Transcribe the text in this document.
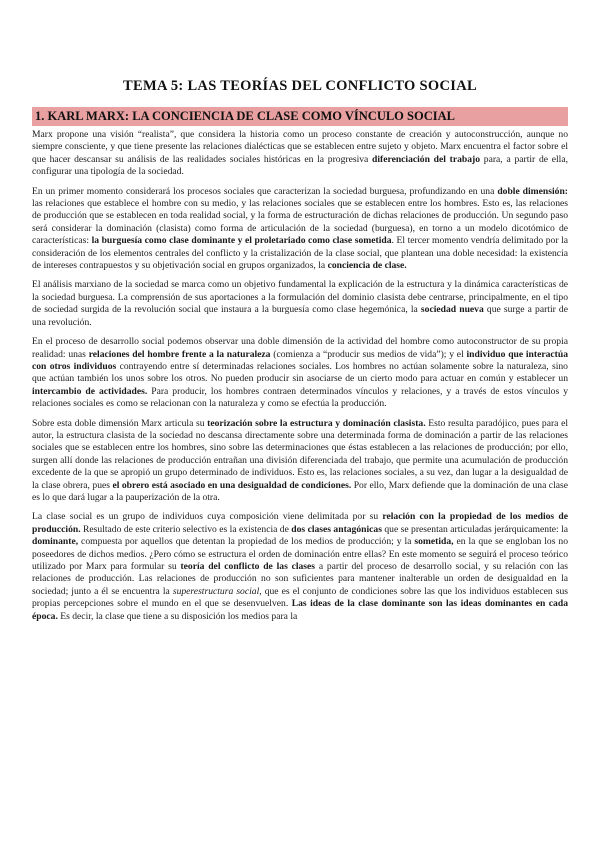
TEMA 5: LAS TEORÍAS DEL CONFLICTO SOCIAL
1. KARL MARX: LA CONCIENCIA DE CLASE COMO VÍNCULO SOCIAL

Marx propone una visión “realista”, que considera la historia como un proceso constante de creación y autoconstrucción, aunque no siempre consciente, y que tiene presente las relaciones dialécticas que se establecen entre sujeto y objeto. Marx encuentra el factor sobre el que hacer descansar su análisis de las realidades sociales históricas en la progresiva diferenciación del trabajo para, a partir de ella, configurar una tipología de la sociedad.

En un primer momento considerará los procesos sociales que caracterizan la sociedad burguesa, profundizando en una doble dimensión: las relaciones que establece el hombre con su medio, y las relaciones sociales que se establecen entre los hombres. Esto es, las relaciones de producción que se establecen en toda realidad social, y la forma de estructuración de dichas relaciones de producción. Un segundo paso será considerar la dominación (clasista) como forma de articulación de la sociedad (burguesa), en torno a un modelo dicotómico de características: la burguesía como clase dominante y el proletariado como clase sometida. El tercer momento vendría delimitado por la consideración de los elementos centrales del conflicto y la cristalización de la clase social, que plantean una doble necesidad: la existencia de intereses contrapuestos y su objetivación social en grupos organizados, la conciencia de clase.

El análisis marxiano de la sociedad se marca como un objetivo fundamental la explicación de la estructura y la dinámica características de la sociedad burguesa. La comprensión de sus aportaciones a la formulación del dominio clasista debe centrarse, principalmente, en el tipo de sociedad surgida de la revolución social que instaura a la burguesía como clase hegemónica, la sociedad nueva que surge a partir de una revolución.

En el proceso de desarrollo social podemos observar una doble dimensión de la actividad del hombre como autoconstructor de su propia realidad: unas relaciones del hombre frente a la naturaleza (comienza a “producir sus medios de vida”); y el individuo que interactúa con otros individuos contrayendo entre sí determinadas relaciones sociales. Los hombres no actúan solamente sobre la naturaleza, sino que actúan también los unos sobre los otros. No pueden producir sin asociarse de un cierto modo para actuar en común y establecer un intercambio de actividades. Para producir, los hombres contraen determinados vínculos y relaciones, y a través de estos vínculos y relaciones sociales es como se relacionan con la naturaleza y como se efectúa la producción.

Sobre esta doble dimensión Marx articula su teorización sobre la estructura y dominación clasista. Esto resulta paradójico, pues para el autor, la estructura clasista de la sociedad no descansa directamente sobre una determinada forma de dominación a partir de las relaciones sociales que se establecen entre los hombres, sino sobre las determinaciones que éstas establecen a las relaciones de producción; por ello, surgen allí donde las relaciones de producción entrañan una división diferenciada del trabajo, que permite una acumulación de producción excedente de la que se apropió un grupo determinado de individuos. Esto es, las relaciones sociales, a su vez, dan lugar a la desigualdad de la clase obrera, pues el obrero está asociado en una desigualdad de condiciones. Por ello, Marx defiende que la dominación de una clase es lo que dará lugar a la pauperización de la otra.

La clase social es un grupo de individuos cuya composición viene delimitada por su relación con la propiedad de los medios de producción. Resultado de este criterio selectivo es la existencia de dos clases antagónicas que se presentan articuladas jerárquicamente: la dominante, compuesta por aquellos que detentan la propiedad de los medios de producción; y la sometida, en la que se engloban los no poseedores de dichos medios. ¿Pero cómo se estructura el orden de dominación entre ellas? En este momento se seguirá el proceso teórico utilizado por Marx para formular su teoría del conflicto de las clases a partir del proceso de desarrollo social, y su relación con las relaciones de producción. Las relaciones de producción no son suficientes para mantener inalterable un orden de desigualdad en la sociedad; junto a él se encuentra la superestructura social, que es el conjunto de condiciones sobre las que los individuos establecen sus propias percepciones sobre el mundo en el que se desenvuelven. Las ideas de la clase dominante son las ideas dominantes en cada época. Es decir, la clase que tiene a su disposición los medios para la
